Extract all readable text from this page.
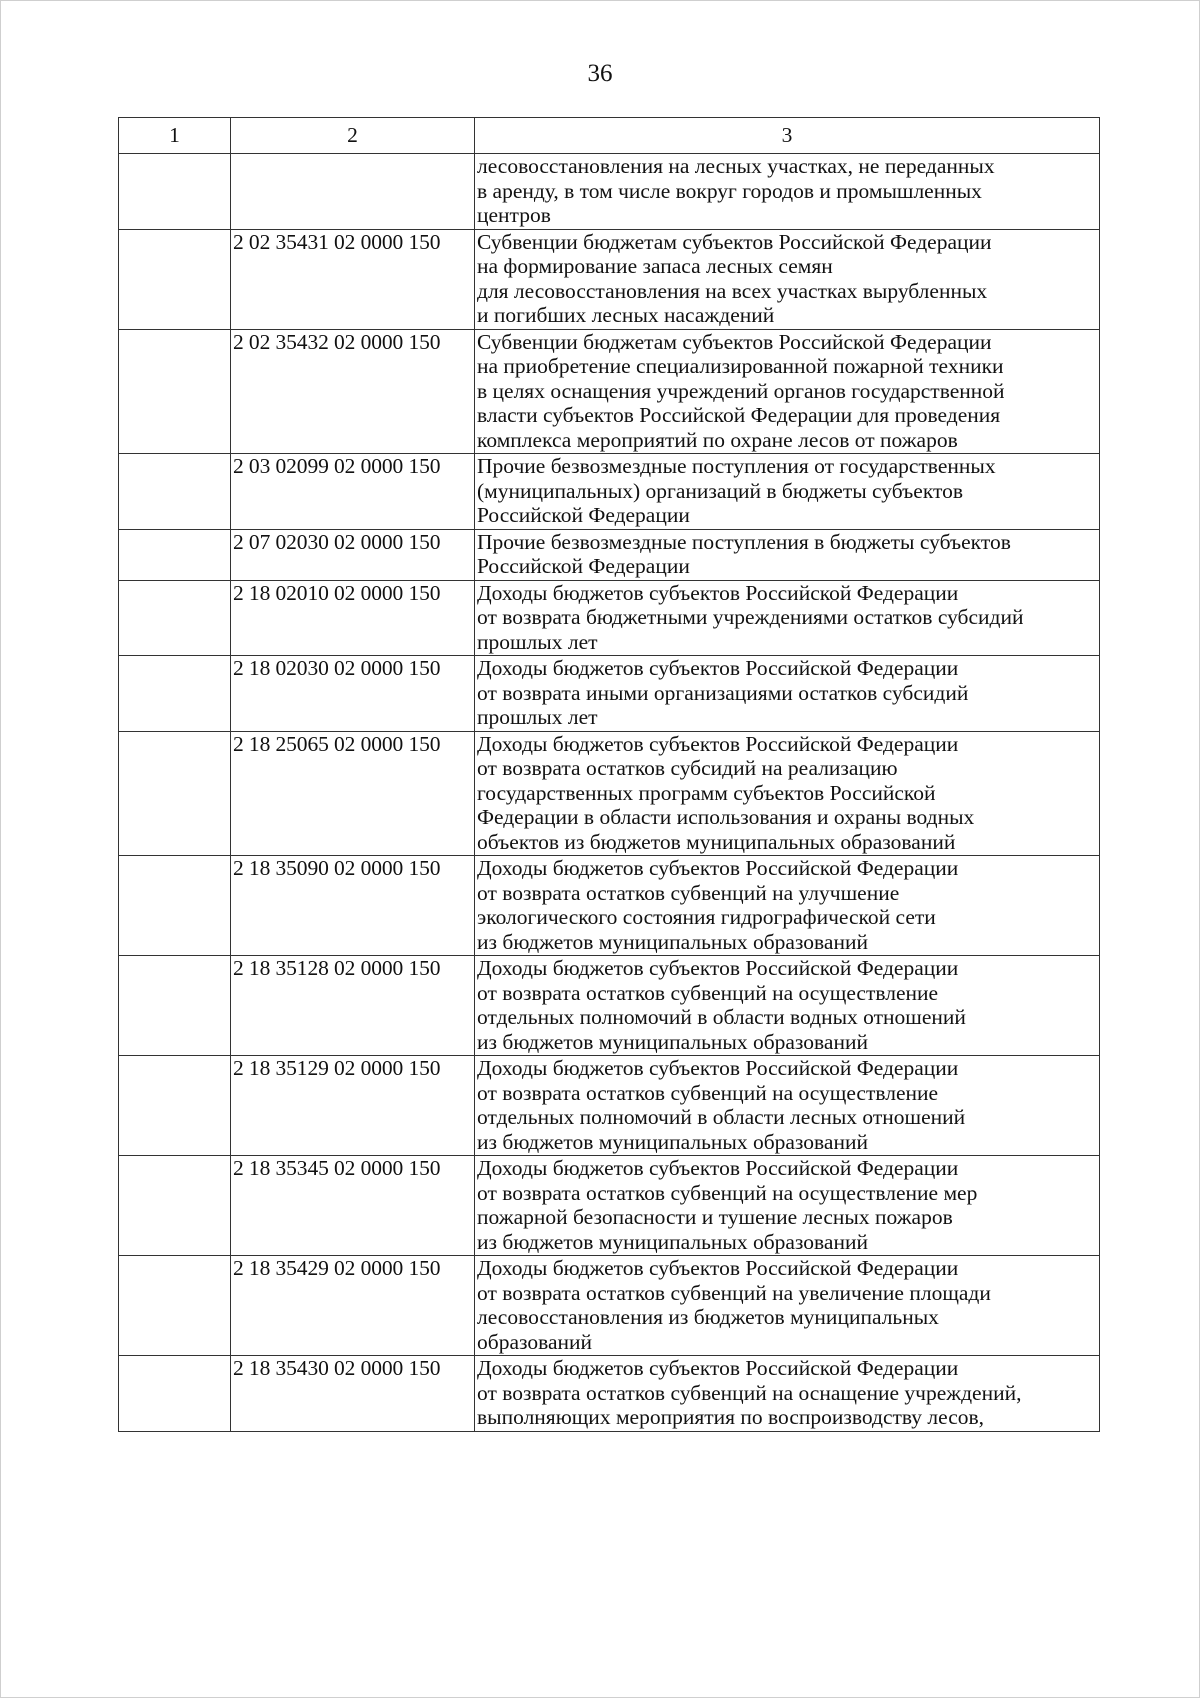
36
1	2	3

		лесовосстановления на лесных участках, не переданных
в аренду, в том числе вокруг городов и промышленных
центров

	2 02 35431 02 0000 150	Субвенции бюджетам субъектов Российской Федерации
на формирование запаса лесных семян
для лесовосстановления на всех участках вырубленных
и погибших лесных насаждений

	2 02 35432 02 0000 150	Субвенции бюджетам субъектов Российской Федерации
на приобретение специализированной пожарной техники
в целях оснащения учреждений органов государственной
власти субъектов Российской Федерации для проведения
комплекса мероприятий по охране лесов от пожаров

	2 03 02099 02 0000 150	Прочие безвозмездные поступления от государственных
(муниципальных) организаций в бюджеты субъектов
Российской Федерации

	2 07 02030 02 0000 150	Прочие безвозмездные поступления в бюджеты субъектов
Российской Федерации

	2 18 02010 02 0000 150	Доходы бюджетов субъектов Российской Федерации
от возврата бюджетными учреждениями остатков субсидий
прошлых лет

	2 18 02030 02 0000 150	Доходы бюджетов субъектов Российской Федерации
от возврата иными организациями остатков субсидий
прошлых лет

	2 18 25065 02 0000 150	Доходы бюджетов субъектов Российской Федерации
от возврата остатков субсидий на реализацию
государственных программ субъектов Российской
Федерации в области использования и охраны водных
объектов из бюджетов муниципальных образований

	2 18 35090 02 0000 150	Доходы бюджетов субъектов Российской Федерации
от возврата остатков субвенций на улучшение
экологического состояния гидрографической сети
из бюджетов муниципальных образований

	2 18 35128 02 0000 150	Доходы бюджетов субъектов Российской Федерации
от возврата остатков субвенций на осуществление
отдельных полномочий в области водных отношений
из бюджетов муниципальных образований

	2 18 35129 02 0000 150	Доходы бюджетов субъектов Российской Федерации
от возврата остатков субвенций на осуществление
отдельных полномочий в области лесных отношений
из бюджетов муниципальных образований

	2 18 35345 02 0000 150	Доходы бюджетов субъектов Российской Федерации
от возврата остатков субвенций на осуществление мер
пожарной безопасности и тушение лесных пожаров
из бюджетов муниципальных образований

	2 18 35429 02 0000 150	Доходы бюджетов субъектов Российской Федерации
от возврата остатков субвенций на увеличение площади
лесовосстановления из бюджетов муниципальных
образований

	2 18 35430 02 0000 150	Доходы бюджетов субъектов Российской Федерации
от возврата остатков субвенций на оснащение учреждений,
выполняющих мероприятия по воспроизводству лесов,
